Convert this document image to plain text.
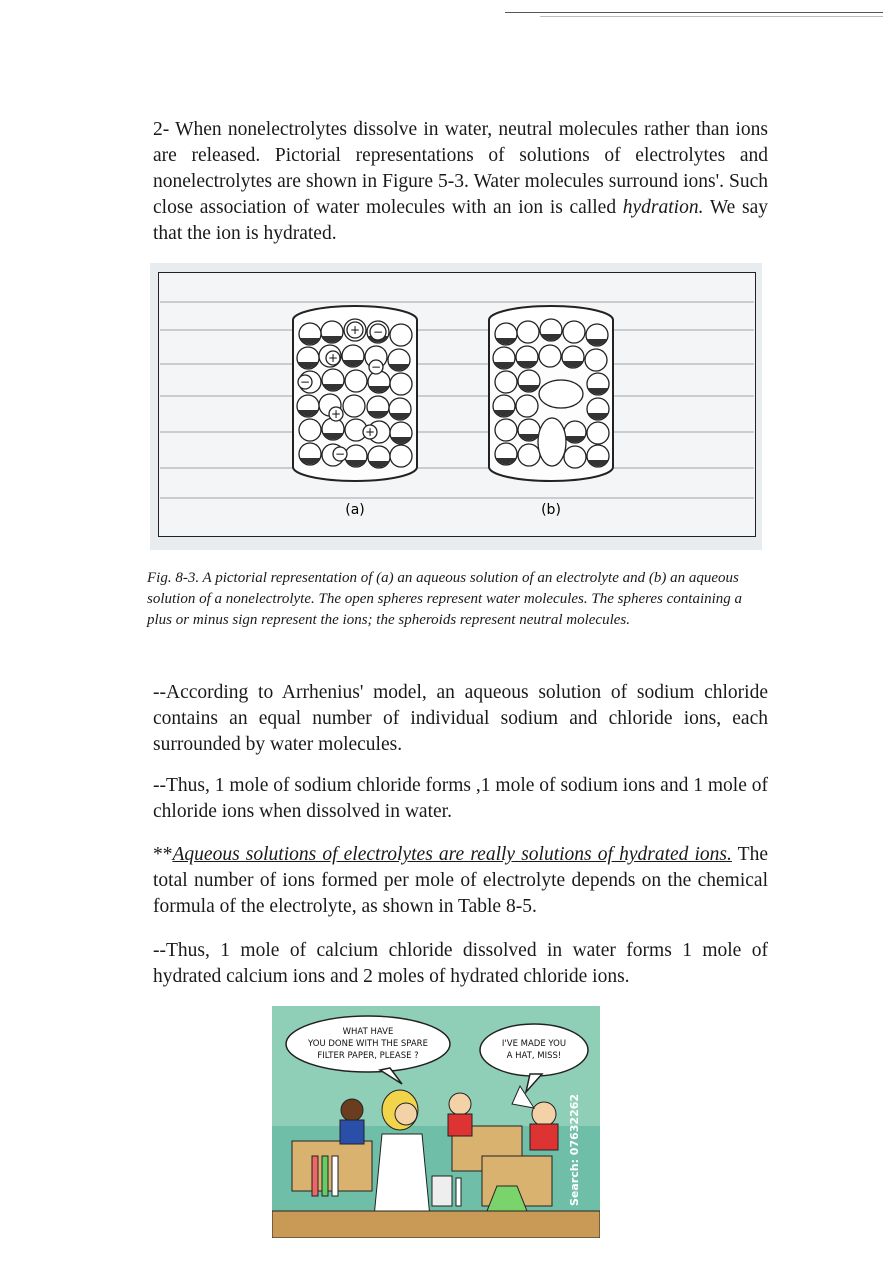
2- When nonelectrolytes dissolve in water, neutral molecules rather than ions are released. Pictorial representations of solutions of electrolytes and nonelectrolytes are shown in Figure 5-3. Water molecules surround ions'. Such close association of water molecules with an ion is called hydration. We say that the ion is hydrated.

+ −
+
−
−
+
+
−
(a)	(b)

Fig. 8-3. A pictorial representation of (a) an aqueous solution of an electrolyte and (b) an aqueous solution of a nonelectrolyte. The open spheres represent water molecules. The spheres containing a plus or minus sign represent the ions; the spheroids represent neutral molecules.

--According to Arrhenius' model, an aqueous solution of sodium chloride contains an equal number of individual sodium and chloride ions, each surrounded by water molecules.

--Thus, 1 mole of sodium chloride forms ,1 mole of sodium ions and 1 mole of chloride ions when dissolved in water.

**Aqueous solutions of electrolytes are really solutions of hydrated ions. The total number of ions formed per mole of electrolyte depends on the chemical formula of the electrolyte, as shown in Table 8-5.

--Thus, 1 mole of calcium chloride dissolved in water forms 1 mole of hydrated calcium ions and 2 moles of hydrated chloride ions.

WHAT HAVE
YOU DONE WITH THE SPARE
FILTER PAPER, PLEASE ?
I'VE MADE YOU
A HAT, MISS!
Search: 07632262
